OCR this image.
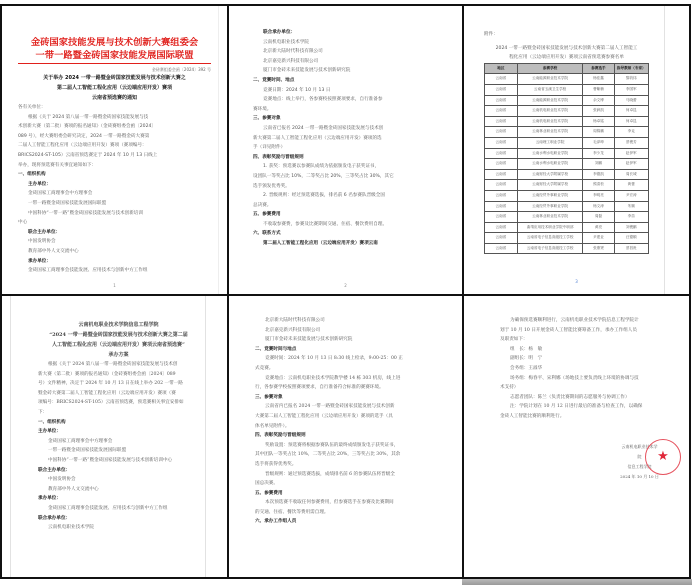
金砖国家技能发展与技术创新大赛组委会
一带一路暨金砖国家技能发展国际联盟
金砖赛组委会函〔2024〕392 号
关于举办 2024 一带一路暨金砖国家技能发展与技术创新大赛之
第二届人工智能工程化应用（云边端应用开发）赛项
云南省预选赛的通知
各有关单位：
根据《关于 2024 第八届一带一路暨金砖国家技能发展与技
术创新大赛（第二批）赛项的报名通知》（金砖赛组委会函〔2024〕
089 号），经大赛组委会研究决定，2024 一带一路暨金砖大赛第
二届人工智能工程化应用（云边端应用开发）赛项（赛项编号：
BRICS2024-ST-105）云南省预选赛定于 2024 年 10 月 13 日线上
举办，现将预选赛有关事宜通知如下：
一、组织机构
主办单位：
金砖国家工商理事会中方理事会
一带一路暨金砖国家技能发展国际联盟
中国科协“一带一路”暨金砖国家技能发展与技术创新培训
中心
联合主办单位：
中国发明协会
教育部中外人文交流中心
承办单位：
金砖国家工商理事会技能发展、应用技术与创新中方工作组
1
联合承办单位：
云南机电职业技术学院
北京新大陆时代科技有限公司
北京嘉克新兴科技有限公司
厦门市金砖未来技能发展与技术创新研究院
二、竞赛时间、地点
竞赛日期：2024 年 10 月 13 日
竞赛地点：线上举行，各参赛校按照赛项要求，自行准备参
赛环境。
三、参赛对象
云南省已报名 2024 一带一路暨金砖国家技能发展与技术创
新大赛第二届人工智能工程化应用（云边端应用开发）赛项的选
手（详见附件）
四、表彰奖励与晋级规则
1. 获奖：预选赛以参赛队成绩为依据颁发电子获奖证书，
设团队一等奖占比 10%，二等奖占比 20%，三等奖占比 30%，其它
选手颁发优秀奖。
2. 晋级规则：经过预选赛选拔，排名前 6 名参赛队晋级全国
总决赛。
五、参赛费用
不收取参赛费，参赛及比赛期间交通、住宿、餐饮费用自理。
六、联系方式
第二届人工智能工程化应用（云边端应用开发）赛项云南
2
附件：
2024 一带一路暨金砖国家技能发展与技术创新大赛第二届人工智能工
程化应用（云边端应用开发）赛项云南省预选赛参赛名单
地区	参赛学校	参赛选手	指导教师（专家）
云南省	云南能源职业技术学院	杨佳鑫	黎钧纬
云南省	云南省玉溪卫生学校	曹紫楠	李国军
云南省	云南能源职业技术学院	余文博	马晓蕾
云南省	云南机电职业技术学院	张润凯	何卓昆
云南省	云南机电职业技术学院	杨卓铭	何卓昆
云南省	云南林业职业技术学院	周锦鹏	李克
云南省	云南理工职业学院	毛泽坤	蔡俊芳
云南省	云南水利水电职业学院	李少龙	赵伊军
云南省	云南水利水电职业学院	刘鹏	赵伊军
云南省	云南财经大学附属学校	李德凯	周长城
云南省	云南财经大学附属学校	熊清松	黄蕾
云南省	云南经贸外事职业学院	李明亮	尹宏涛
云南省	云南经贸外事职业学院	杨文涛	朱顺
云南省	云南林业职业技术学院	周磊	李苗
云南省	曲靖应用技术职业学院中职部	黄亮	刘俊鹏
云南省	云南省电子信息高级技工学校	尹建业	汪德顺
云南省	云南省电子信息高级技工学校	张康贤	蔡昌贵
3
云南机电职业技术学院信息工程学院
“2024 一带一路暨金砖国家技能发展与技术创新大赛之第二届
人工智能工程化应用（云边端应用开发）赛项云南省预选赛”
承办方案
根据《关于 2024 第八届一带一路暨金砖国家技能发展与技术创
新大赛（第二批）赛项的报名通知》（金砖赛组委会函〔2024〕089
号）文件精神，决定于 2024 年 10 月 13 日在线上举办 202 一带一路
暨金砖大赛第二届人工智能工程化应用（云边端应用开发）赛项（赛
项编号：BRICS2024-ST-105）云南省预选赛，预选赛相关事宜安排如
下：
一、组织机构
主办单位：
金砖国家工商理事会中方理事会
一带一路暨金砖国家技能发展国际联盟
中国科协“一带一路”暨金砖国家技能发展与技术创新培训中心
联合主办单位：
中国发明协会
教育部中外人文交流中心
承办单位：
金砖国家工商理事会技能发展、应用技术与创新中方工作组
联合承办单位：
云南机电职业技术学院
北京新大陆时代科技有限公司
北京嘉克新兴科技有限公司
厦门市金砖未来技能发展与技术创新研究院
二、竞赛时间与地点
竞赛时间：2024 年 10 月 13 日 8:30 线上检录，9:00-25：00 正
式竞赛。
竞赛地点：云南机电职业技术学院教学楼 14 栋 303 机房，线上进
行，各参赛学校按照赛项要求，自行准备符合标准的赛赛环境。
三、参赛对象
云南省内已报名 2024 一带一路暨金砖国家技能发展与技术创新
大赛第二届人工智能工程化应用（云边端应用开发）赛项的选手（具
体名单见附件）。
四、表彰奖励与晋级规则
奖励设置：预选赛将根据参赛队伍的最终成绩颁发电子获奖证书，
其中团队一等奖占比 10%，二等奖占比 20%，三等奖占比 30%，其余
选手将获得优秀奖。
晋级规则：通过预选赛选拔，成绩排名前 6 的参赛队伍将晋级全
国总决赛。
五、参赛费用
本次预选赛不收取任何参赛费用，但参赛选手在参赛及比赛期间
的交通、住宿、餐饮等费用需自理。
六、承办工作组人员
为确保预选赛顺利进行，云南机电职业技术学院信息工程学院计
划于 10 月 10 日开展金砖人工智能比赛筹备工作，承办工作组人员
及职责如下：
组　长：杨　敏
副组长：明　宁
会务组：王溢华
场务组：梅春平、宋利娜（场地技上要负责线上环境的协调与技
术支持）
志愿者团队：陈兰（负责比赛期间的志愿服务与协调工作）
注：学院计划在 10 月 12 日进行最后的准备与检查工作，以确保
金砖人工智能比赛的顺利进行。
云南机电职业技术学院
信息工程学院
2024 年 10 月 10 日
★
